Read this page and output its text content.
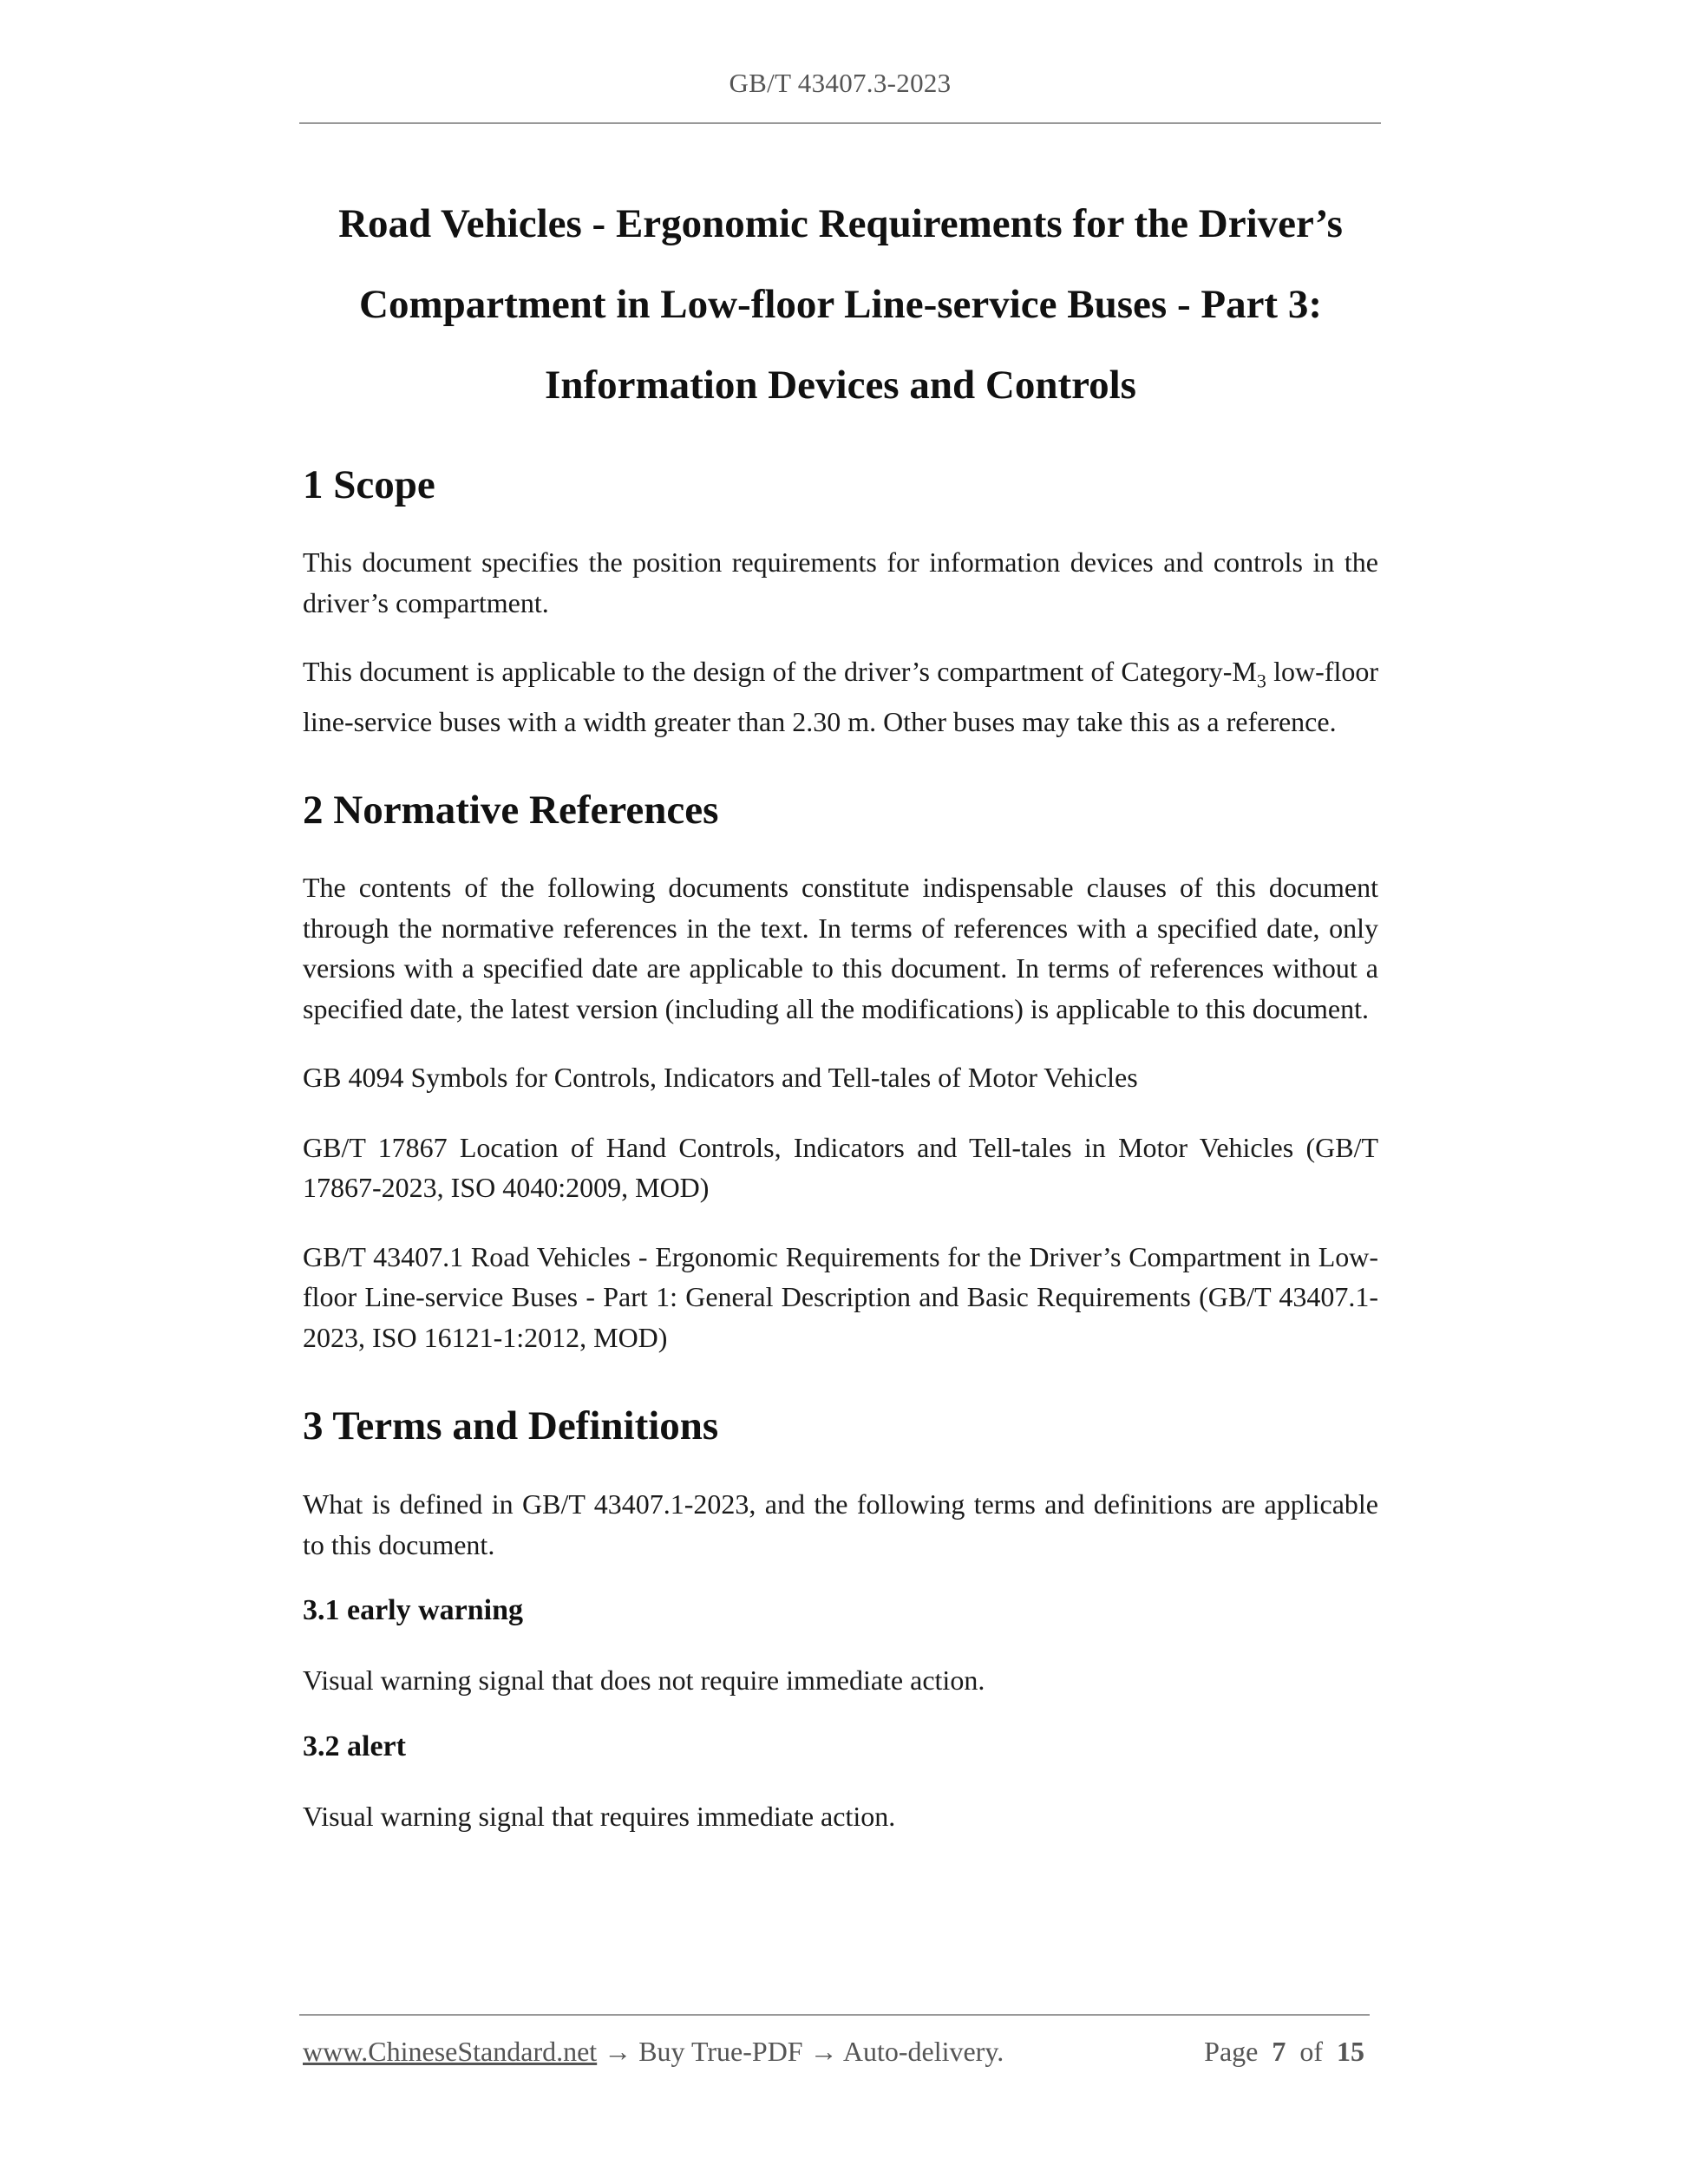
GB/T 43407.3-2023
Road Vehicles - Ergonomic Requirements for the Driver’s
Compartment in Low-floor Line-service Buses - Part 3:
Information Devices and Controls
1 Scope

This document specifies the position requirements for information devices and controls in the driver’s compartment.

This document is applicable to the design of the driver’s compartment of Category-$M_3$ low-floor line-service buses with a width greater than 2.30 m. Other buses may take this as a reference.

2 Normative References

The contents of the following documents constitute indispensable clauses of this document through the normative references in the text. In terms of references with a specified date, only versions with a specified date are applicable to this document. In terms of references without a specified date, the latest version (including all the modifications) is applicable to this document.

GB 4094 Symbols for Controls, Indicators and Tell-tales of Motor Vehicles

GB/T 17867 Location of Hand Controls, Indicators and Tell-tales in Motor Vehicles (GB/T 17867-2023, ISO 4040:2009, MOD)

GB/T 43407.1 Road Vehicles - Ergonomic Requirements for the Driver’s Compartment in Low-floor Line-service Buses - Part 1: General Description and Basic Requirements (GB/T 43407.1-2023, ISO 16121-1:2012, MOD)

3 Terms and Definitions

What is defined in GB/T 43407.1-2023, and the following terms and definitions are applicable to this document.

3.1 early warning

Visual warning signal that does not require immediate action.

3.2 alert

Visual warning signal that requires immediate action.

www.ChineseStandard.net → Buy True-PDF → Auto-delivery.	Page 7 of 15
